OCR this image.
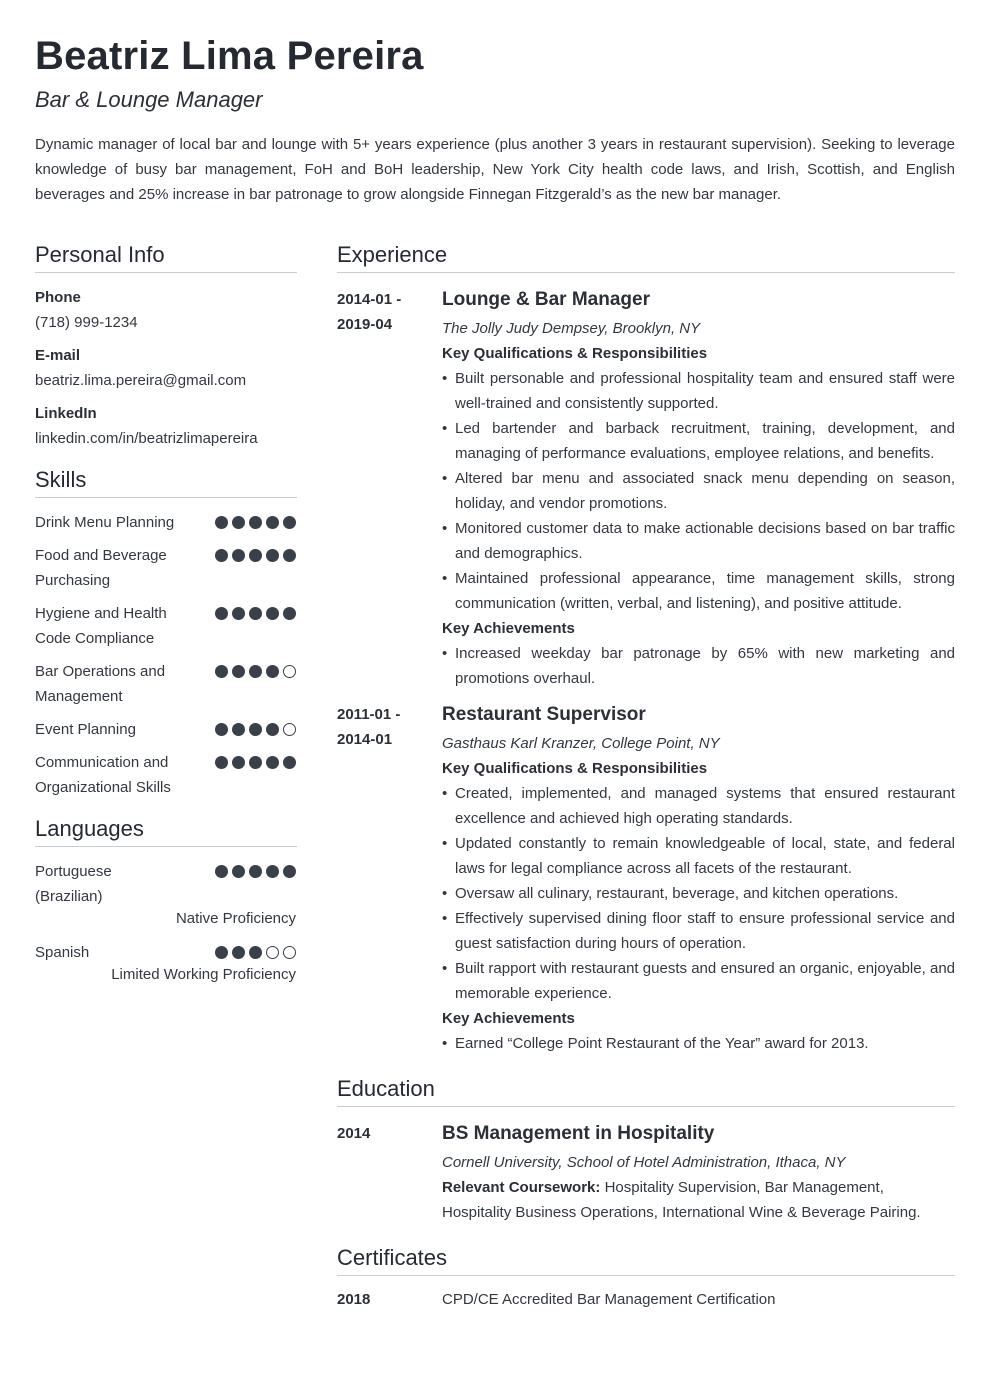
Beatriz Lima Pereira
Bar & Lounge Manager
Dynamic manager of local bar and lounge with 5+ years experience (plus another 3 years in restaurant supervision). Seeking to leverage knowledge of busy bar management, FoH and BoH leadership, New York City health code laws, and Irish, Scottish, and English beverages and 25% increase in bar patronage to grow alongside Finnegan Fitzgerald’s as the new bar manager.
Personal Info
Phone
(718) 999-1234
E-mail
beatriz.lima.pereira@gmail.com
LinkedIn
linkedin.com/in/beatrizlimapereira
Skills
Drink Menu Planning
Food and Beverage Purchasing
Hygiene and Health Code Compliance
Bar Operations and Management
Event Planning
Communication and Organizational Skills
Languages
Portuguese (Brazilian)
Native Proficiency
Spanish
Limited Working Proficiency
Experience
2014-01 -
2019-04
Lounge & Bar Manager
The Jolly Judy Dempsey, Brooklyn, NY
Key Qualifications & Responsibilities
• Built personable and professional hospitality team and ensured staff were well-trained and consistently supported.
• Led bartender and barback recruitment, training, development, and managing of performance evaluations, employee relations, and benefits.
• Altered bar menu and associated snack menu depending on season, holiday, and vendor promotions.
• Monitored customer data to make actionable decisions based on bar traffic and demographics.
• Maintained professional appearance, time management skills, strong communication (written, verbal, and listening), and positive attitude.
Key Achievements
• Increased weekday bar patronage by 65% with new marketing and promotions overhaul.
2011-01 -
2014-01
Restaurant Supervisor
Gasthaus Karl Kranzer, College Point, NY
Key Qualifications & Responsibilities
• Created, implemented, and managed systems that ensured restaurant excellence and achieved high operating standards.
• Updated constantly to remain knowledgeable of local, state, and federal laws for legal compliance across all facets of the restaurant.
• Oversaw all culinary, restaurant, beverage, and kitchen operations.
• Effectively supervised dining floor staff to ensure professional service and guest satisfaction during hours of operation.
• Built rapport with restaurant guests and ensured an organic, enjoyable, and memorable experience.
Key Achievements
• Earned “College Point Restaurant of the Year” award for 2013.
Education
2014	BS Management in Hospitality
Cornell University, School of Hotel Administration, Ithaca, NY
Relevant Coursework: Hospitality Supervision, Bar Management, Hospitality Business Operations, International Wine & Beverage Pairing.
Certificates
2018	CPD/CE Accredited Bar Management Certification
